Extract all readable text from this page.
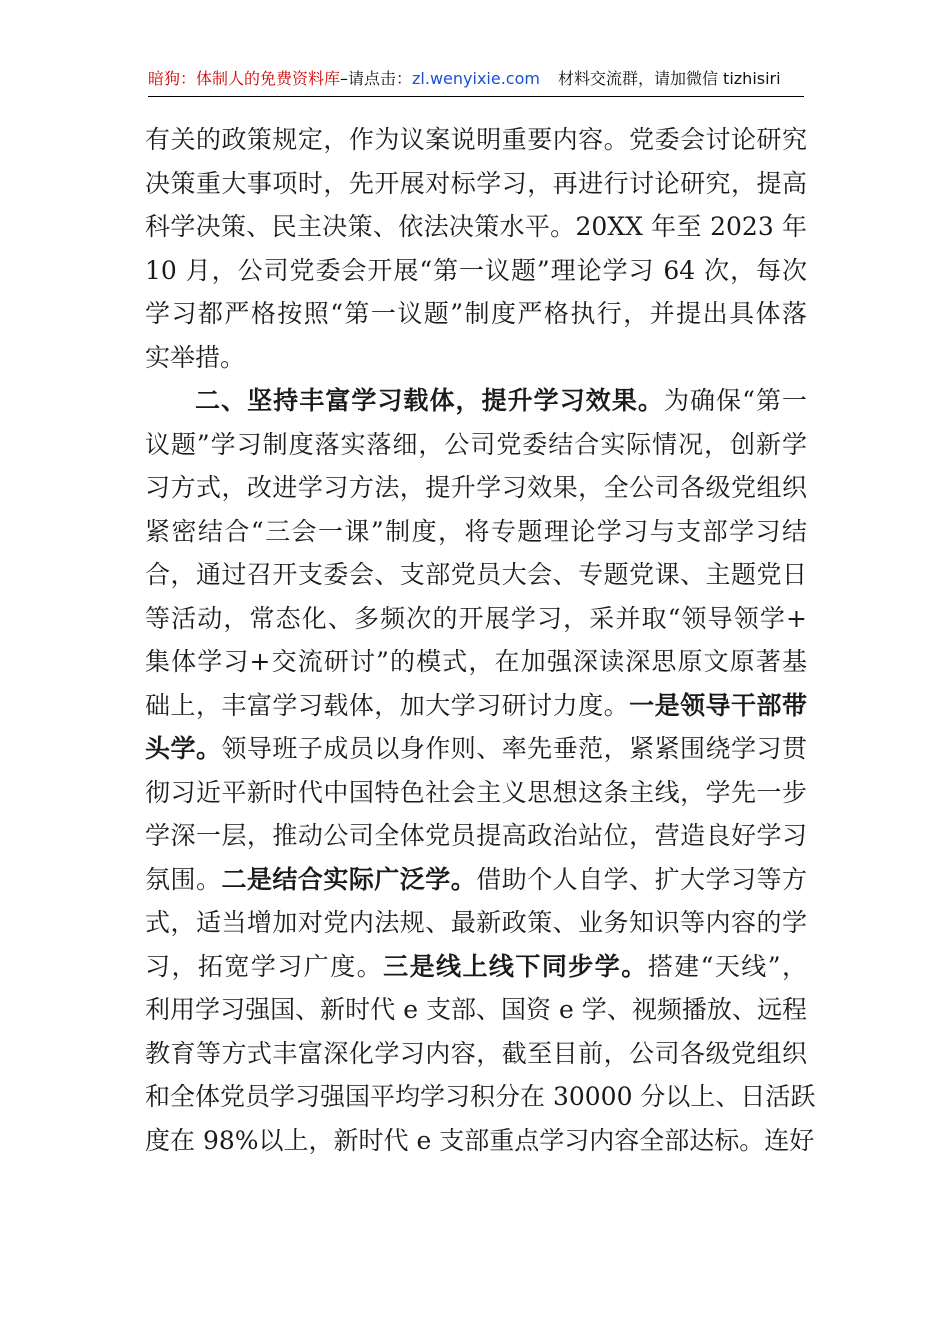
暗狗：体制人的免费资料库 –请点击： zl.wenyixie.com 材料交流群，请加微信 tizhisiri
有关的政策规定，作为议案说明重要内容。党委会讨论研究
决策重大事项时，先开展对标学习，再进行讨论研究，提高
科学决策、民主决策、依法决策水平。20XX 年至 2023 年
10 月，公司党委会开展“第一议题”理论学习 64 次，每次
学习都严格按照“第一议题”制度严格执行，并提出具体落
实举措。
二、坚持丰富学习载体，提升学习效果。为确保“第一
议题”学习制度落实落细，公司党委结合实际情况，创新学
习方式，改进学习方法，提升学习效果，全公司各级党组织
紧密结合“三会一课”制度，将专题理论学习与支部学习结
合，通过召开支委会、支部党员大会、专题党课、主题党日
等活动，常态化、多频次的开展学习，采并取“领导领学+
集体学习+交流研讨”的模式，在加强深读深思原文原著基
础上，丰富学习载体，加大学习研讨力度。一是领导干部带
头学。领导班子成员以身作则、率先垂范，紧紧围绕学习贯
彻习近平新时代中国特色社会主义思想这条主线，学先一步
学深一层，推动公司全体党员提高政治站位，营造良好学习
氛围。二是结合实际广泛学。借助个人自学、扩大学习等方
式，适当增加对党内法规、最新政策、业务知识等内容的学
习，拓宽学习广度。三是线上线下同步学。搭建“天线”，
利用学习强国、新时代 e 支部、国资 e 学、视频播放、远程
教育等方式丰富深化学习内容，截至目前，公司各级党组织
和全体党员学习强国平均学习积分在 30000 分以上、日活跃
度在 98%以上，新时代 e 支部重点学习内容全部达标。连好
